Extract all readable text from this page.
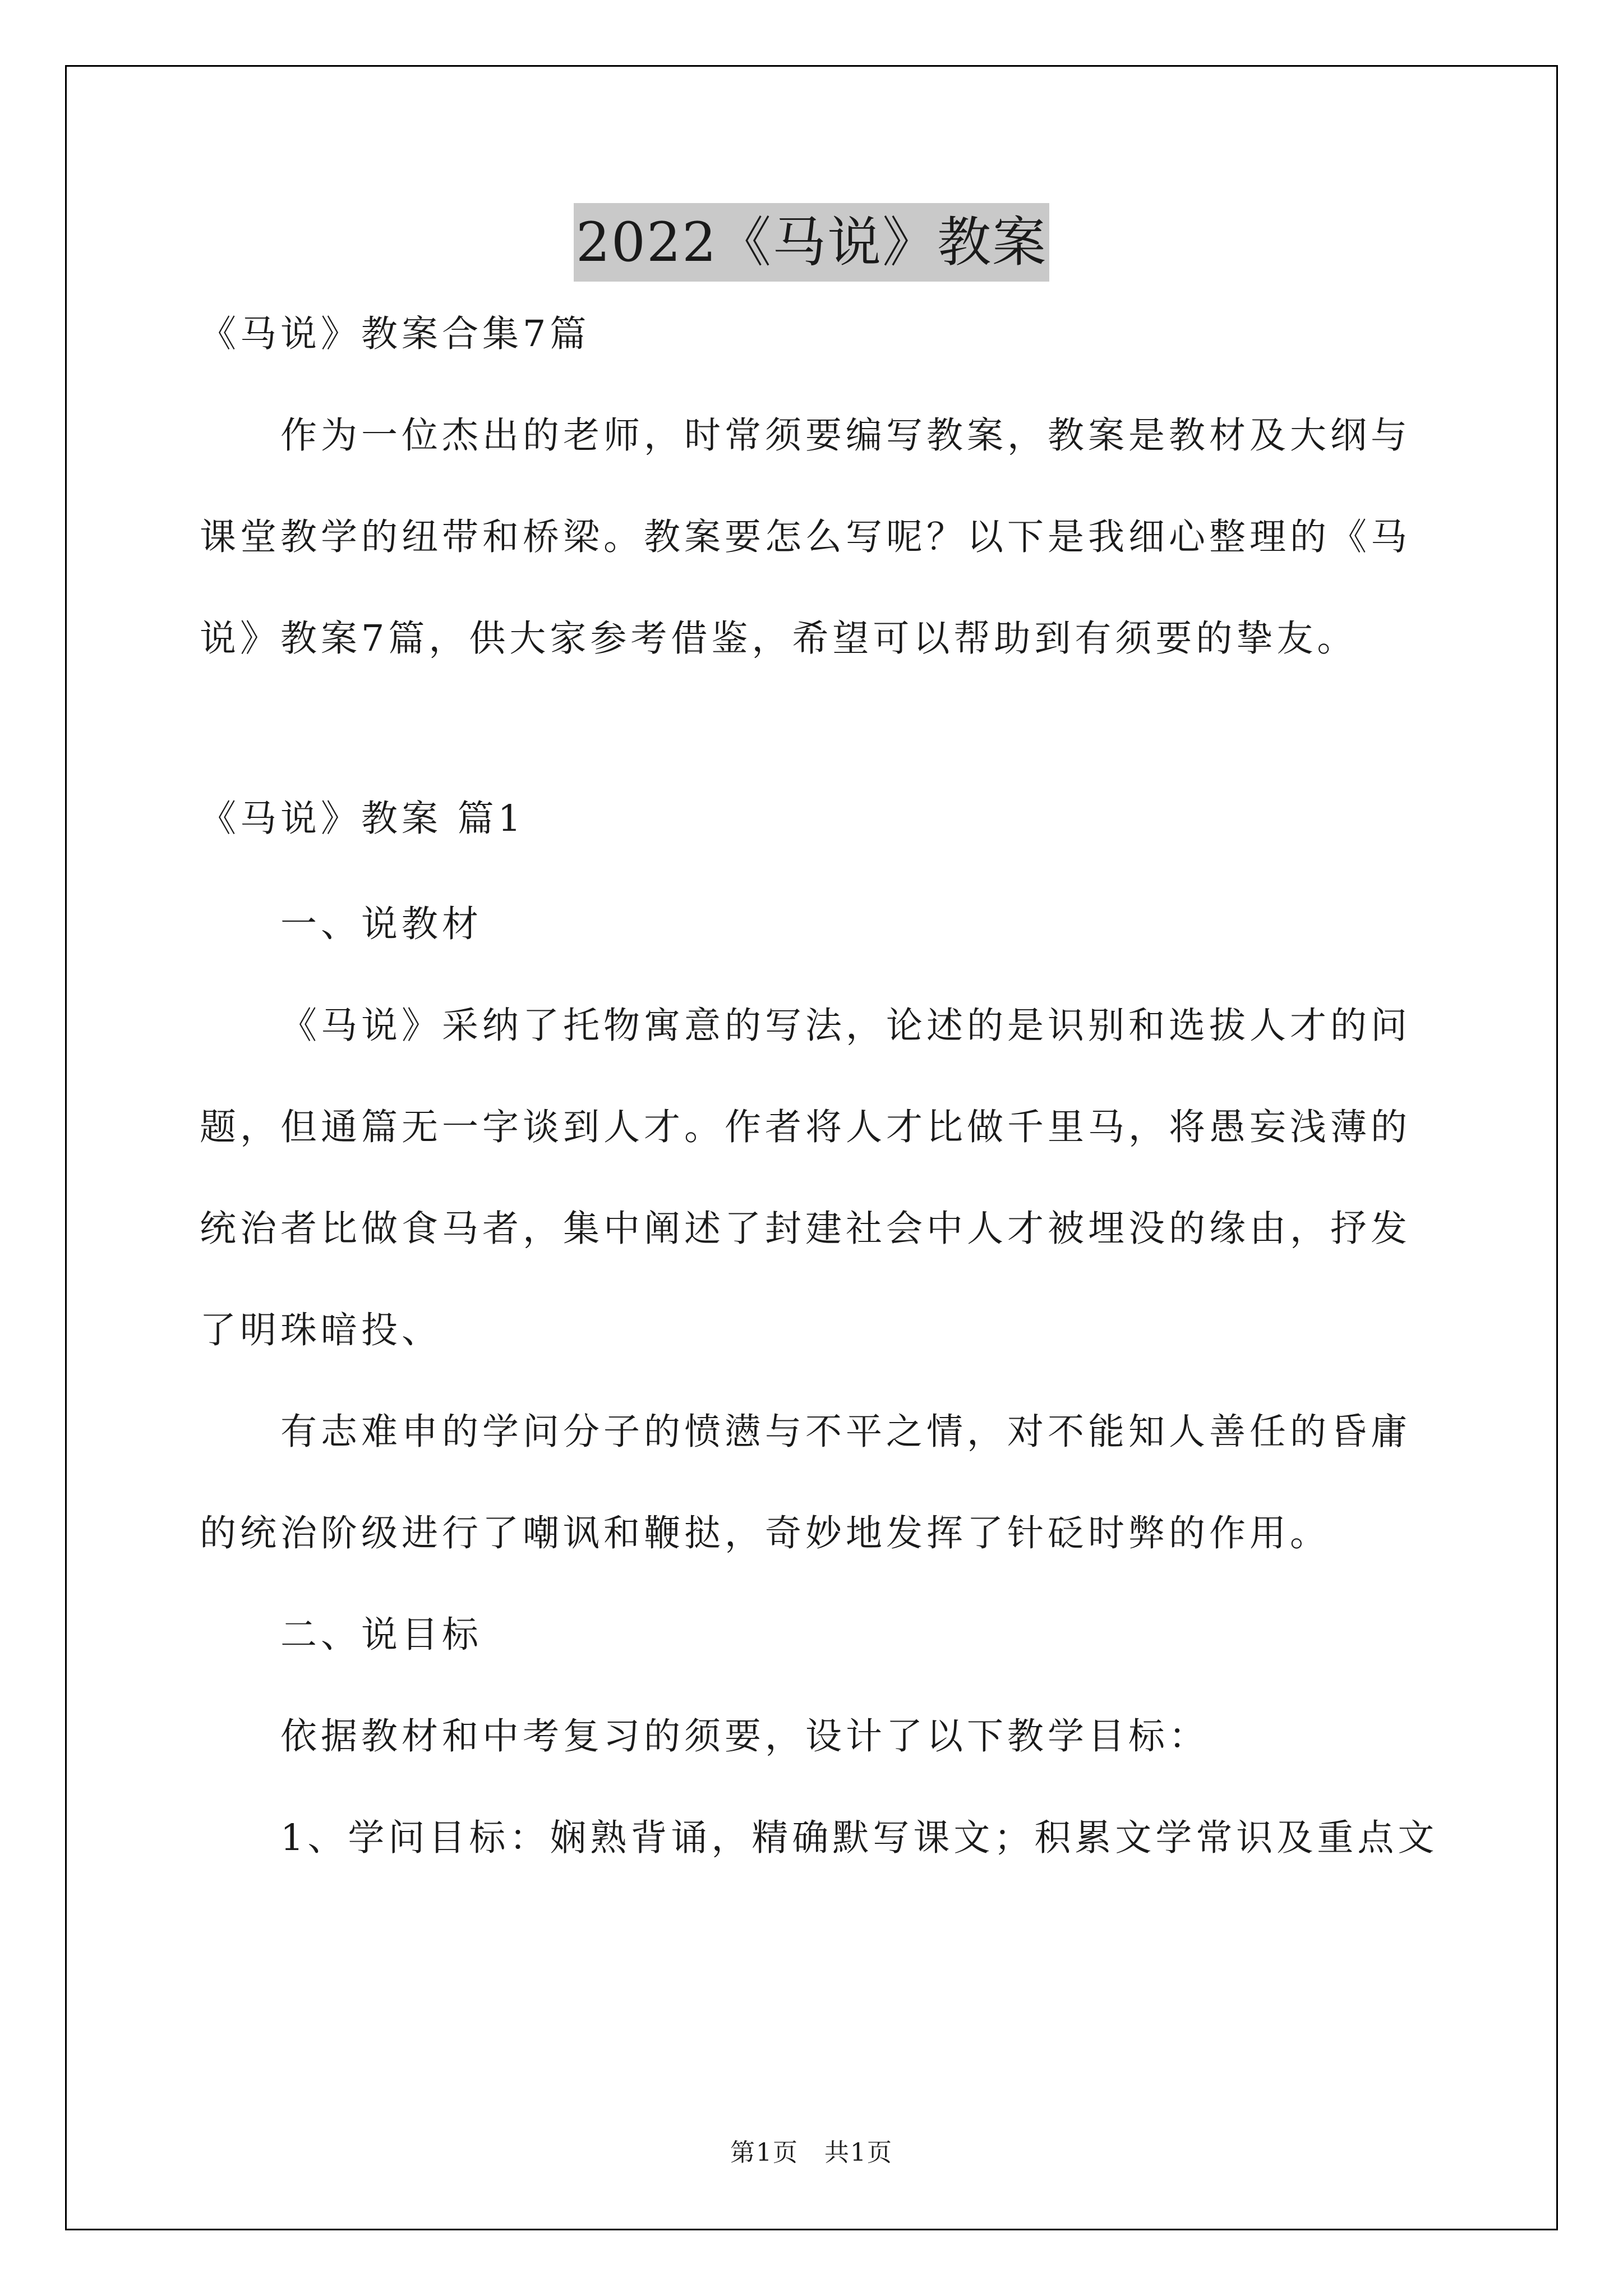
2022《马说》教案
《马说》教案合集7篇
作为一位杰出的老师，时常须要编写教案，教案是教材及大纲与
课堂教学的纽带和桥梁。教案要怎么写呢？以下是我细心整理的《马
说》教案7篇，供大家参考借鉴，希望可以帮助到有须要的挚友。
《马说》教案 篇1
一、说教材
《马说》采纳了托物寓意的写法，论述的是识别和选拔人才的问
题，但通篇无一字谈到人才。作者将人才比做千里马，将愚妄浅薄的
统治者比做食马者，集中阐述了封建社会中人才被埋没的缘由，抒发
了明珠暗投、
有志难申的学问分子的愤懑与不平之情，对不能知人善任的昏庸
的统治阶级进行了嘲讽和鞭挞，奇妙地发挥了针砭时弊的作用。
二、说目标
依据教材和中考复习的须要，设计了以下教学目标：
1、学问目标：娴熟背诵，精确默写课文；积累文学常识及重点文
第1页　共1页
